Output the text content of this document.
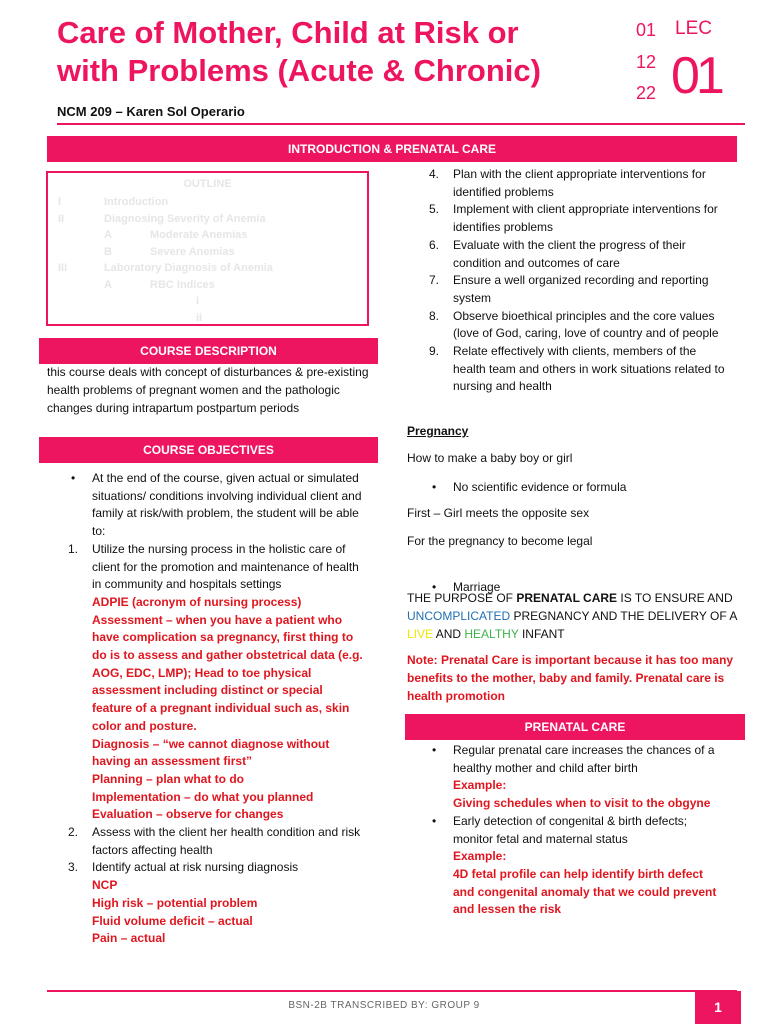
Care of Mother, Child at Risk or
with Problems (Acute & Chronic)
01
12
22
LEC
01
NCM 209 – Karen Sol Operario
INTRODUCTION & PRENATAL CARE
OUTLINE
I	Introduction
II	Diagnosing Severity of Anemia
A	Moderate Anemias
B	Severe Anemias
III	Laboratory Diagnosis of Anemia
A	RBC Indices
i
ii
COURSE DESCRIPTION
this course deals with concept of disturbances & pre-existing health problems of pregnant women and the pathologic changes during intrapartum postpartum periods
COURSE OBJECTIVES
• At the end of the course, given actual or simulated situations/ conditions involving individual client and family at risk/with problem, the student will be able to:
1. Utilize the nursing process in the holistic care of client for the promotion and maintenance of health in community and hospitals settings
ADPIE (acronym of nursing process)
Assessment – when you have a patient who have complication sa pregnancy, first thing to do is to assess and gather obstetrical data (e.g. AOG, EDC, LMP); Head to toe physical assessment including distinct or special feature of a pregnant individual such as, skin color and posture.
Diagnosis – “we cannot diagnose without having an assessment first”
Planning – plan what to do
Implementation – do what you planned
Evaluation – observe for changes
2. Assess with the client her health condition and risk factors affecting health
3. Identify actual at risk nursing diagnosis
NCP
High risk – potential problem
Fluid volume deficit – actual
Pain – actual
4. Plan with the client appropriate interventions for identified problems
5. Implement with client appropriate interventions for identifies problems
6. Evaluate with the client the progress of their condition and outcomes of care
7. Ensure a well organized recording and reporting system
8. Observe bioethical principles and the core values (love of God, caring, love of country and of people
9. Relate effectively with clients, members of the health team and others in work situations related to nursing and health
Pregnancy
How to make a baby boy or girl
• No scientific evidence or formula
First – Girl meets the opposite sex
For the pregnancy to become legal
• Marriage
THE PURPOSE OF PRENATAL CARE IS TO ENSURE AND UNCOMPLICATED PREGNANCY AND THE DELIVERY OF A LIVE AND HEALTHY INFANT
Note: Prenatal Care is important because it has too many benefits to the mother, baby and family. Prenatal care is health promotion
PRENATAL CARE
• Regular prenatal care increases the chances of a healthy mother and child after birth
Example:
Giving schedules when to visit to the obgyne
• Early detection of congenital & birth defects; monitor fetal and maternal status
Example:
4D fetal profile can help identify birth defect and congenital anomaly that we could prevent and lessen the risk
BSN-2B TRANSCRIBED BY: GROUP 9	1
